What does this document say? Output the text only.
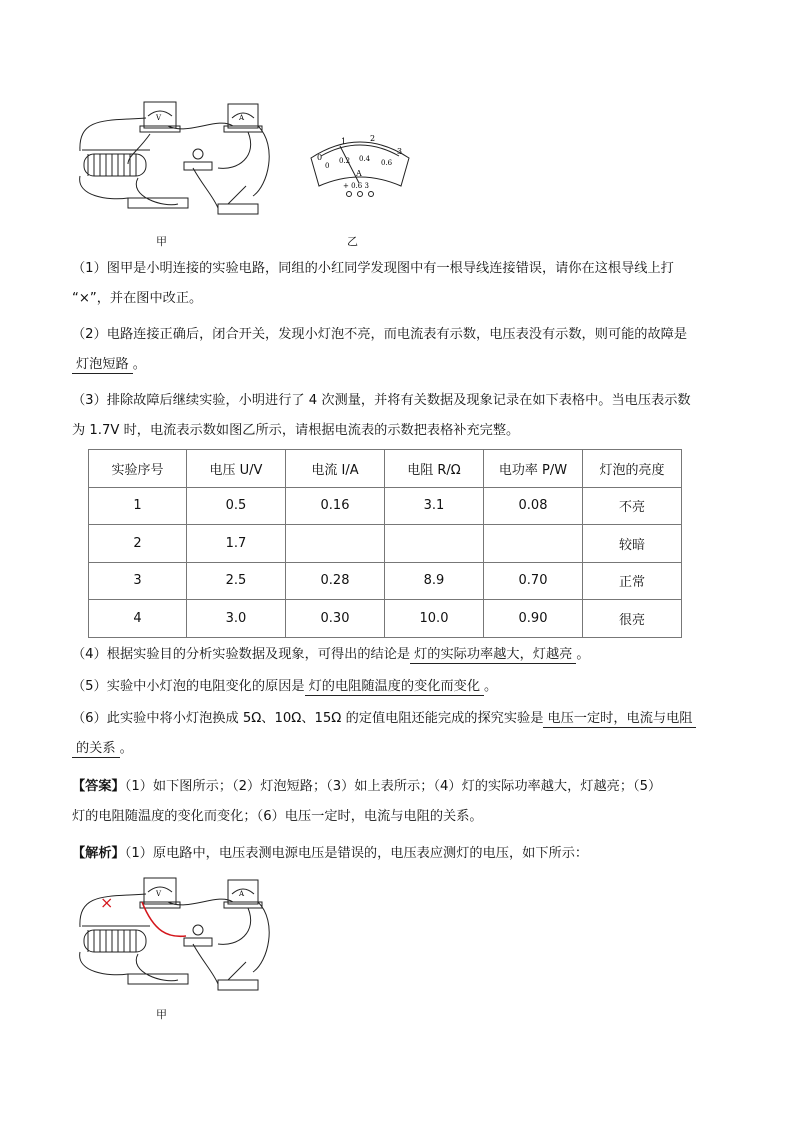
V	A
0
1	2
3
0
0.2 0.4 0.6
A
+ 0.6 3
甲	乙
（1）图甲是小明连接的实验电路，同组的小红同学发现图中有一根导线连接错误，请你在这根导线上打
“×”，并在图中改正。
（2）电路连接正确后，闭合开关，发现小灯泡不亮，而电流表有示数，电压表没有示数，则可能的故障是
灯泡短路 。
（3）排除故障后继续实验，小明进行了 4 次测量，并将有关数据及现象记录在如下表格中。当电压表示数
为 1.7V 时，电流表示数如图乙所示，请根据电流表的示数把表格补充完整。
实验序号	电压 U/V	电流 I/A	电阻 R/Ω	电功率 P/W	灯泡的亮度
1	0.5	0.16	3.1	0.08	不亮
2	1.7				较暗
3	2.5	0.28	8.9	0.70	正常
4	3.0	0.30	10.0	0.90	很亮
（4）根据实验目的分析实验数据及现象，可得出的结论是 灯的实际功率越大，灯越亮 。
（5）实验中小灯泡的电阻变化的原因是 灯的电阻随温度的变化而变化 。
（6）此实验中将小灯泡换成 5Ω、10Ω、15Ω 的定值电阻还能完成的探究实验是 电压一定时，电流与电阻
的关系 。
【答案】（1）如下图所示；（2）灯泡短路；（3）如上表所示；（4）灯的实际功率越大，灯越亮；（5）
灯的电阻随温度的变化而变化；（6）电压一定时，电流与电阻的关系。
【解析】（1）原电路中，电压表测电源电压是错误的，电压表应测灯的电压，如下所示：
×	V	A
甲
